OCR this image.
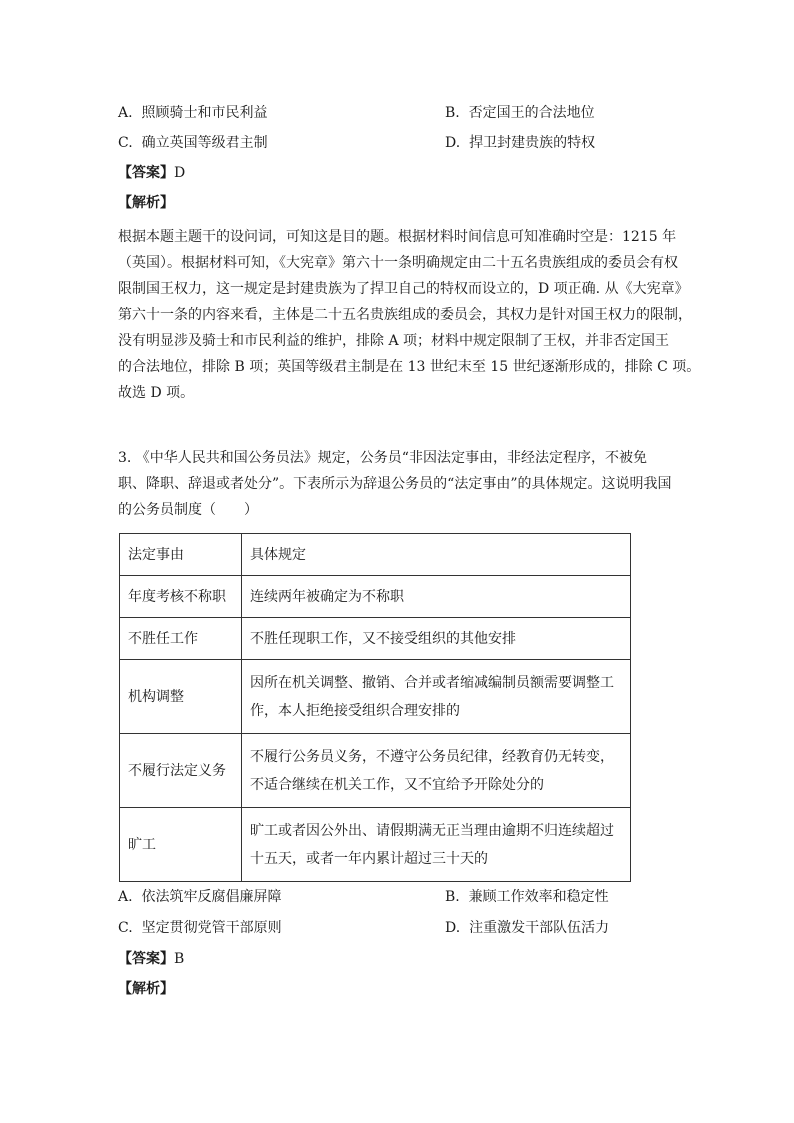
A. 照顾骑士和市民利益	B. 否定国王的合法地位
C. 确立英国等级君主制	D. 捍卫封建贵族的特权
【答案】D
【解析】
根据本题主题干的设问词，可知这是目的题。根据材料时间信息可知准确时空是：1215 年
（英国）。根据材料可知，《大宪章》第六十一条明确规定由二十五名贵族组成的委员会有权
限制国王权力，这一规定是封建贵族为了捍卫自己的特权而设立的，D 项正确. 从《大宪章》
第六十一条的内容来看，主体是二十五名贵族组成的委员会，其权力是针对国王权力的限制，
没有明显涉及骑士和市民利益的维护，排除 A 项；材料中规定限制了王权，并非否定国王
的合法地位，排除 B 项；英国等级君主制是在 13 世纪末至 15 世纪逐渐形成的，排除 C 项。
故选 D 项。
3. 《中华人民共和国公务员法》规定，公务员“非因法定事由，非经法定程序，不被免
职、降职、辞退或者处分”。下表所示为辞退公务员的“法定事由”的具体规定。这说明我国
的公务员制度（　　）
法定事由	具体规定
年度考核不称职	连续两年被确定为不称职

不胜任工作	不胜任现职工作，又不接受组织的其他安排

机构调整	因所在机关调整、撤销、合并或者缩减编制员额需要调整工
作，本人拒绝接受组织合理安排的

不履行法定义务	不履行公务员义务，不遵守公务员纪律，经教育仍无转变，
不适合继续在机关工作，又不宜给予开除处分的

旷工	旷工或者因公外出、请假期满无正当理由逾期不归连续超过
十五天，或者一年内累计超过三十天的
A. 依法筑牢反腐倡廉屏障	B. 兼顾工作效率和稳定性
C. 坚定贯彻党管干部原则	D. 注重激发干部队伍活力
【答案】B
【解析】
